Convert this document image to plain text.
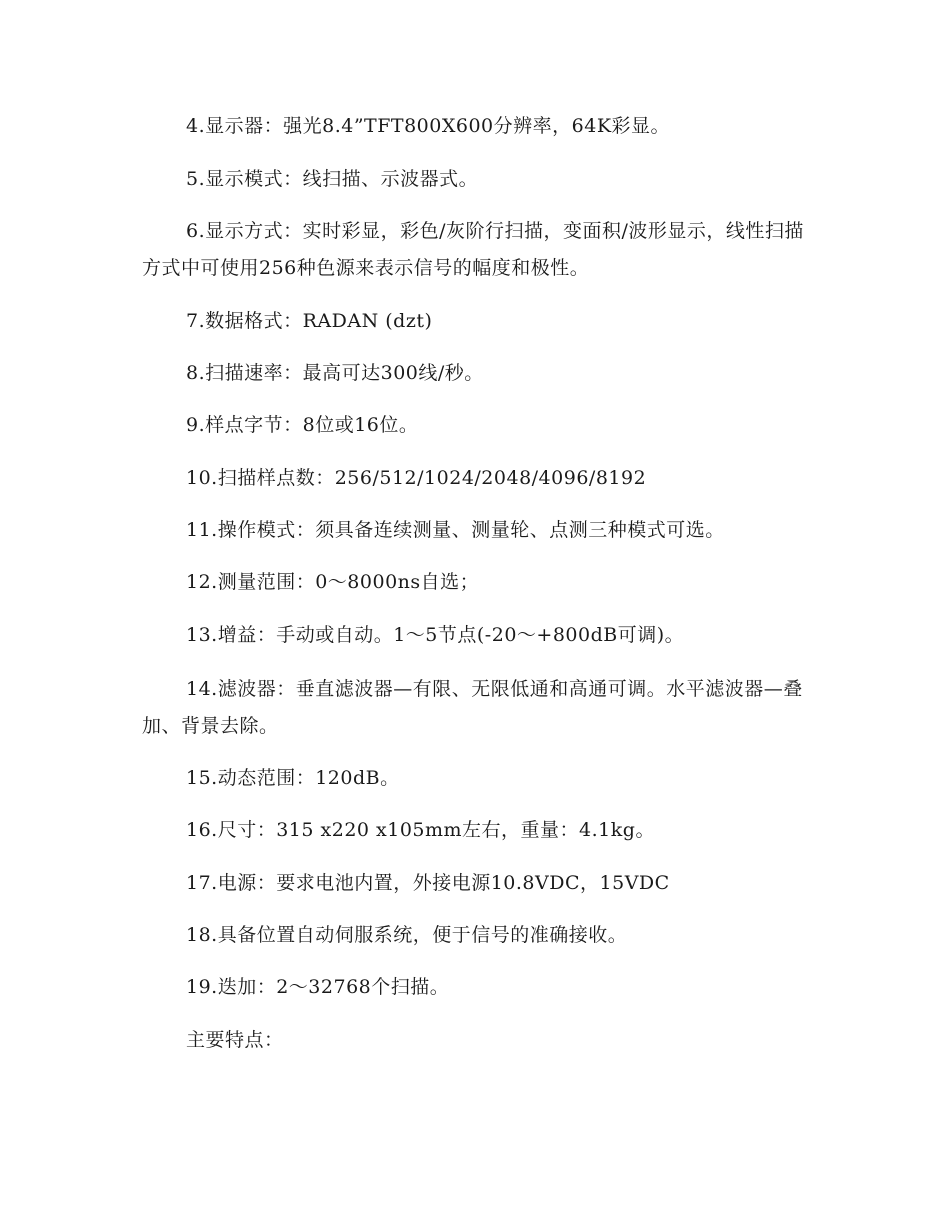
4.显示器：强光8.4”TFT800X600分辨率，64K彩显。

5.显示模式：线扫描、示波器式。

6.显示方式：实时彩显，彩色/灰阶行扫描，变面积/波形显示，线性扫描方式中可使用256种色源来表示信号的幅度和极性。

7.数据格式：RADAN (dzt)

8.扫描速率：最高可达300线/秒。

9.样点字节：8位或16位。

10.扫描样点数：256/512/1024/2048/4096/8192

11.操作模式：须具备连续测量、测量轮、点测三种模式可选。

12.测量范围：0～8000ns自选；

13.增益：手动或自动。1～5节点(-20～+800dB可调)。

14.滤波器：垂直滤波器—有限、无限低通和高通可调。水平滤波器—叠加、背景去除。

15.动态范围：120dB。

16.尺寸：315 x220 x105mm左右，重量：4.1kg。

17.电源：要求电池内置，外接电源10.8VDC，15VDC

18.具备位置自动伺服系统，便于信号的准确接收。

19.迭加：2～32768个扫描。

主要特点：
